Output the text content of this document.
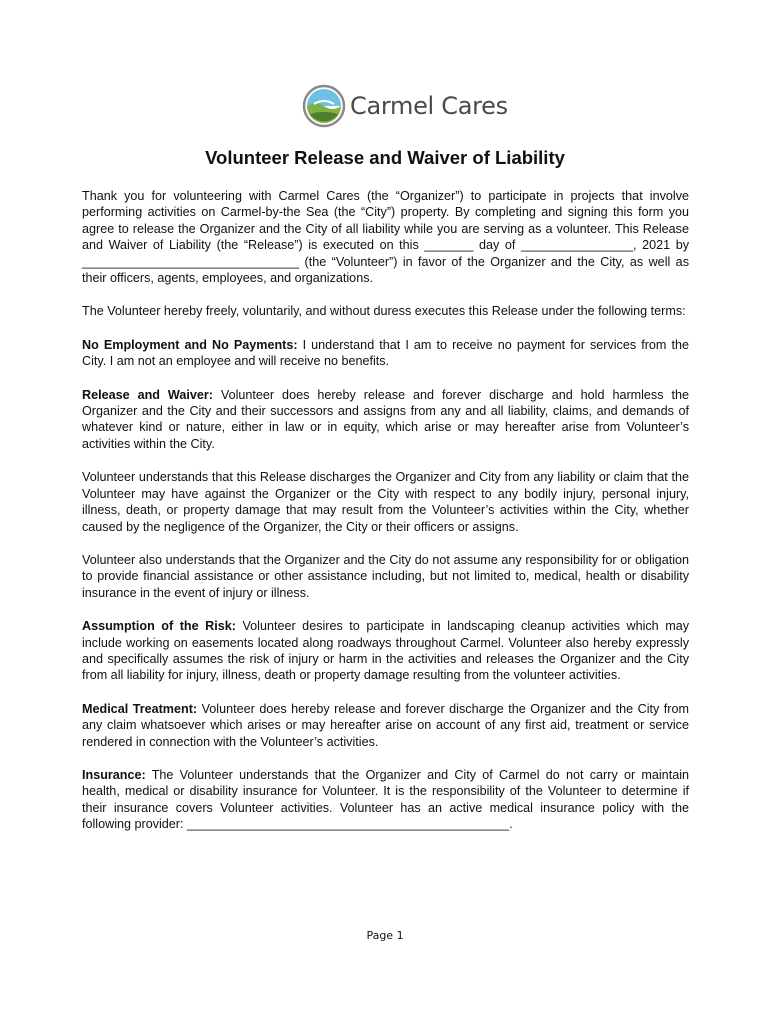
Carmel Cares
Volunteer Release and Waiver of Liability

Thank you for volunteering with Carmel Cares (the “Organizer”) to participate in projects that involve performing activities on Carmel-by-the Sea (the “City”) property. By completing and signing this form you agree to release the Organizer and the City of all liability while you are serving as a volunteer. This Release and Waiver of Liability (the “Release”) is executed on this _______ day of ________________, 2021 by _______________________________ (the “Volunteer”) in favor of the Organizer and the City, as well as their officers, agents, employees, and organizations.

The Volunteer hereby freely, voluntarily, and without duress executes this Release under the following terms:

No Employment and No Payments: I understand that I am to receive no payment for services from the City. I am not an employee and will receive no benefits.

Release and Waiver: Volunteer does hereby release and forever discharge and hold harmless the Organizer and the City and their successors and assigns from any and all liability, claims, and demands of whatever kind or nature, either in law or in equity, which arise or may hereafter arise from Volunteer’s activities within the City.

Volunteer understands that this Release discharges the Organizer and City from any liability or claim that the Volunteer may have against the Organizer or the City with respect to any bodily injury, personal injury, illness, death, or property damage that may result from the Volunteer’s activities within the City, whether caused by the negligence of the Organizer, the City or their officers or assigns.

Volunteer also understands that the Organizer and the City do not assume any responsibility for or obligation to provide financial assistance or other assistance including, but not limited to, medical, health or disability insurance in the event of injury or illness.

Assumption of the Risk: Volunteer desires to participate in landscaping cleanup activities which may include working on easements located along roadways throughout Carmel. Volunteer also hereby expressly and specifically assumes the risk of injury or harm in the activities and releases the Organizer and the City from all liability for injury, illness, death or property damage resulting from the volunteer activities.

Medical Treatment: Volunteer does hereby release and forever discharge the Organizer and the City from any claim whatsoever which arises or may hereafter arise on account of any first aid, treatment or service rendered in connection with the Volunteer’s activities.

Insurance: The Volunteer understands that the Organizer and City of Carmel do not carry or maintain health, medical or disability insurance for Volunteer. It is the responsibility of the Volunteer to determine if their insurance covers Volunteer activities. Volunteer has an active medical insurance policy with the following provider: ______________________________________________.

Page 1
